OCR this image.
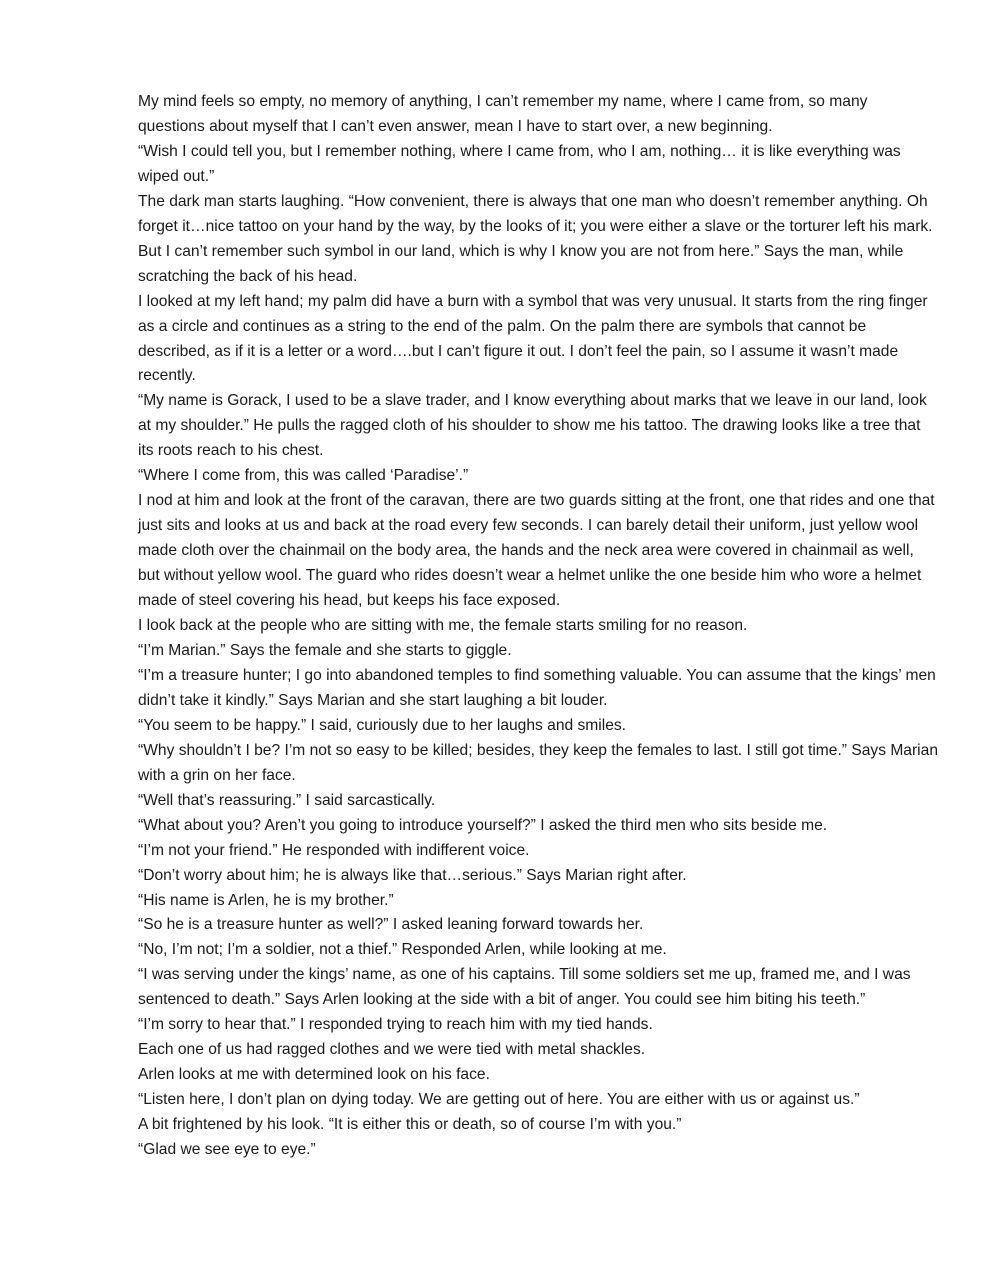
My mind feels so empty, no memory of anything, I can’t remember my name, where I came from, so many questions about myself that I can’t even answer, mean I have to start over, a new beginning.

“Wish I could tell you, but I remember nothing, where I came from, who I am, nothing… it is like everything was wiped out.”

The dark man starts laughing. “How convenient, there is always that one man who doesn’t remember anything. Oh forget it…nice tattoo on your hand by the way, by the looks of it; you were either a slave or the torturer left his mark. But I can’t remember such symbol in our land, which is why I know you are not from here.” Says the man, while scratching the back of his head.

I looked at my left hand; my palm did have a burn with a symbol that was very unusual. It starts from the ring finger as a circle and continues as a string to the end of the palm. On the palm there are symbols that cannot be described, as if it is a letter or a word….but I can’t figure it out. I don’t feel the pain, so I assume it wasn’t made recently.

“My name is Gorack, I used to be a slave trader, and I know everything about marks that we leave in our land, look at my shoulder.” He pulls the ragged cloth of his shoulder to show me his tattoo. The drawing looks like a tree that its roots reach to his chest.

“Where I come from, this was called ‘Paradise’.”

I nod at him and look at the front of the caravan, there are two guards sitting at the front, one that rides and one that just sits and looks at us and back at the road every few seconds. I can barely detail their uniform, just yellow wool made cloth over the chainmail on the body area, the hands and the neck area were covered in chainmail as well, but without yellow wool. The guard who rides doesn’t wear a helmet unlike the one beside him who wore a helmet made of steel covering his head, but keeps his face exposed.

I look back at the people who are sitting with me, the female starts smiling for no reason.

“I’m Marian.” Says the female and she starts to giggle.

“I’m a treasure hunter; I go into abandoned temples to find something valuable. You can assume that the kings’ men didn’t take it kindly.” Says Marian and she start laughing a bit louder.

“You seem to be happy.” I said, curiously due to her laughs and smiles.

“Why shouldn’t I be? I’m not so easy to be killed; besides, they keep the females to last. I still got time.” Says Marian with a grin on her face.

“Well that’s reassuring.” I said sarcastically.

“What about you? Aren’t you going to introduce yourself?” I asked the third men who sits beside me.

“I’m not your friend.” He responded with indifferent voice.

“Don’t worry about him; he is always like that…serious.” Says Marian right after.

“His name is Arlen, he is my brother.”

“So he is a treasure hunter as well?” I asked leaning forward towards her.

“No, I’m not; I’m a soldier, not a thief.” Responded Arlen, while looking at me.

“I was serving under the kings’ name, as one of his captains. Till some soldiers set me up, framed me, and I was sentenced to death.” Says Arlen looking at the side with a bit of anger. You could see him biting his teeth.”

“I’m sorry to hear that.” I responded trying to reach him with my tied hands.

Each one of us had ragged clothes and we were tied with metal shackles.

Arlen looks at me with determined look on his face.

“Listen here, I don’t plan on dying today. We are getting out of here. You are either with us or against us.”

A bit frightened by his look. “It is either this or death, so of course I’m with you.”

“Glad we see eye to eye.”
